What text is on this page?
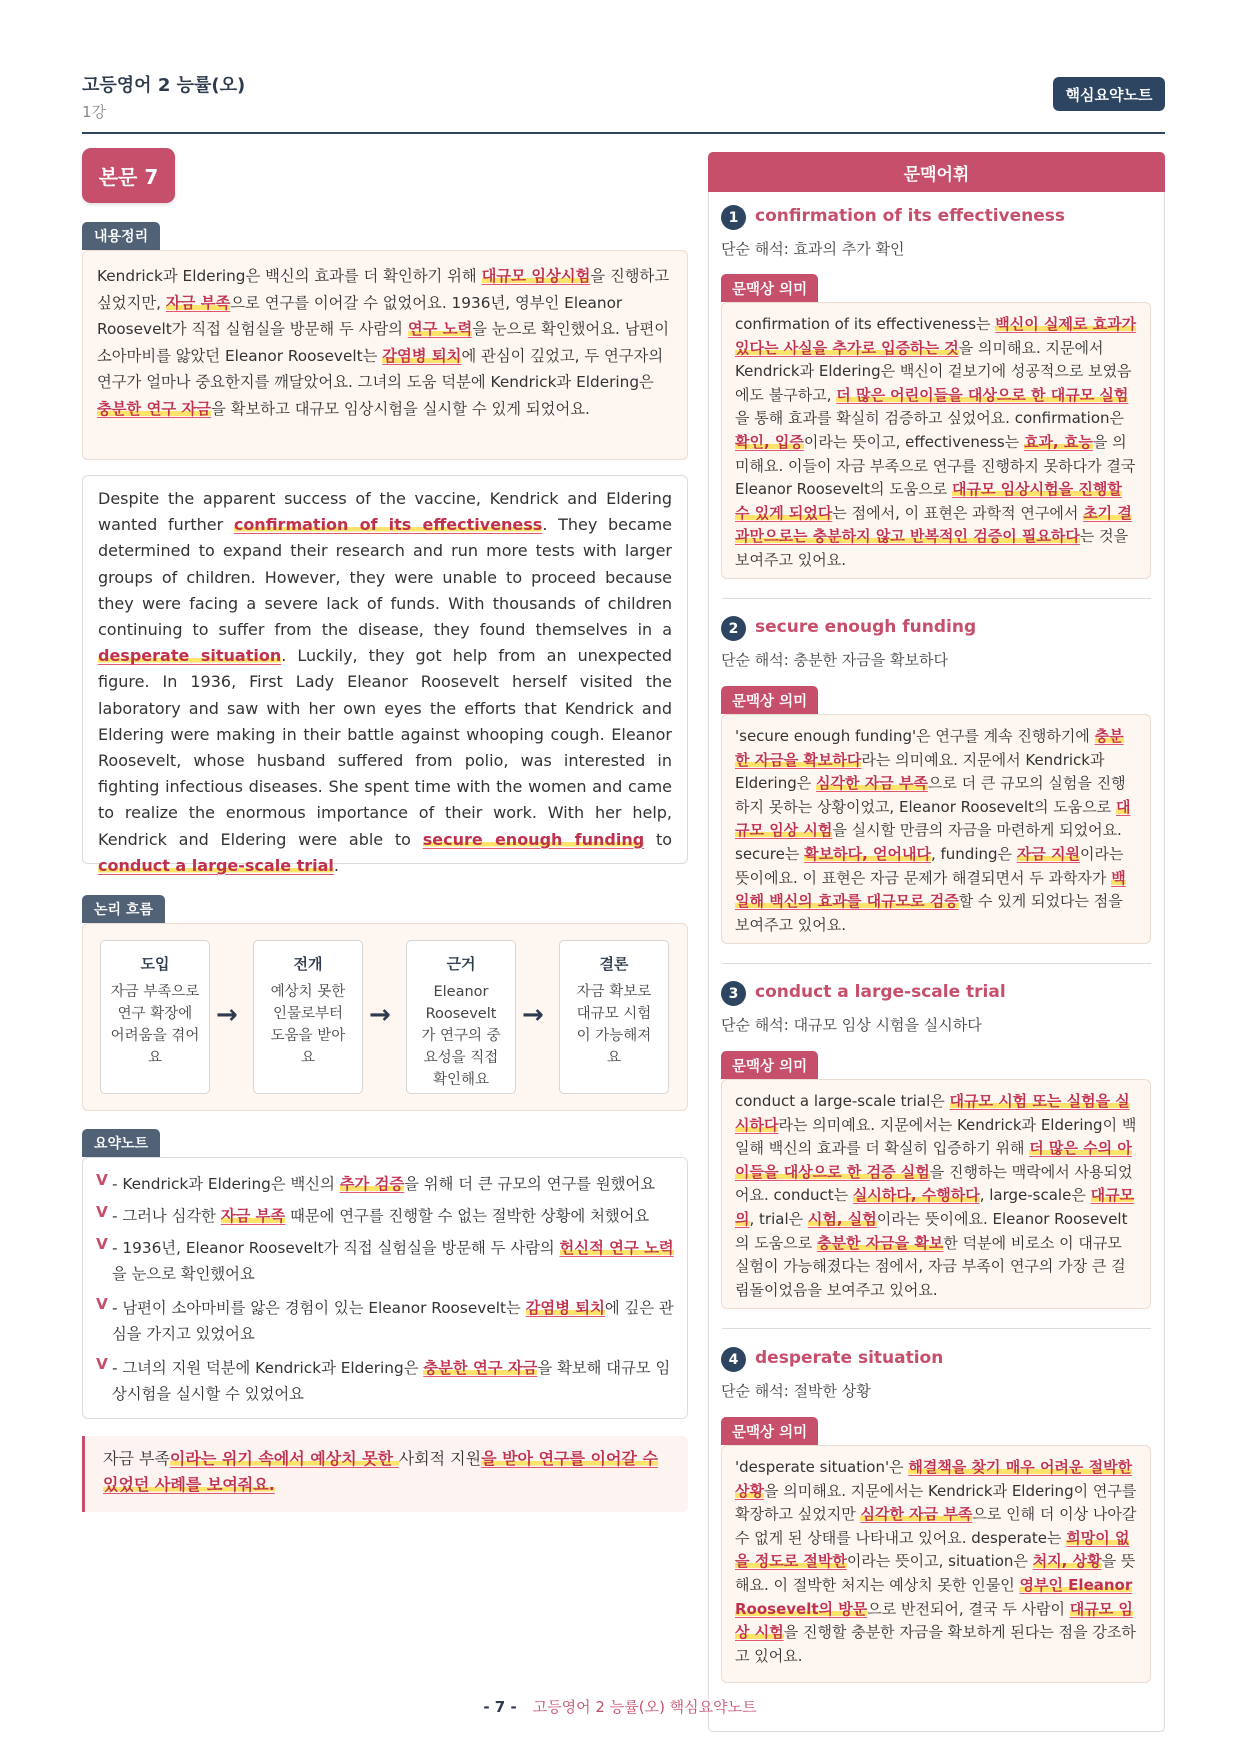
고등영어 2 능률(오)
1강
핵심요약노트
본문 7
내용정리
Kendrick과 Eldering은 백신의 효과를 더 확인하기 위해 대규모 임상시험을 진행하고 싶었지만, 자금 부족으로 연구를 이어갈 수 없었어요. 1936년, 영부인 Eleanor Roosevelt가 직접 실험실을 방문해 두 사람의 연구 노력을 눈으로 확인했어요. 남편이 소아마비를 앓았던 Eleanor Roosevelt는 감염병 퇴치에 관심이 깊었고, 두 연구자의 연구가 얼마나 중요한지를 깨달았어요. 그녀의 도움 덕분에 Kendrick과 Eldering은 충분한 연구 자금을 확보하고 대규모 임상시험을 실시할 수 있게 되었어요.
Despite the apparent success of the vaccine, Kendrick and Eldering wanted further confirmation of its effectiveness. They became determined to expand their research and run more tests with larger groups of children. However, they were unable to proceed because they were facing a severe lack of funds. With thousands of children continuing to suffer from the disease, they found themselves in a desperate situation. Luckily, they got help from an unexpected figure. In 1936, First Lady Eleanor Roosevelt herself visited the laboratory and saw with her own eyes the efforts that Kendrick and Eldering were making in their battle against whooping cough. Eleanor Roosevelt, whose husband suffered from polio, was interested in fighting infectious diseases. She spent time with the women and came to realize the enormous importance of their work. With her help, Kendrick and Eldering were able to secure enough funding to conduct a large-scale trial.
논리 흐름
도입
자금 부족으로 연구 확장에 어려움을 겪어요
→
전개
예상치 못한 인물로부터 도움을 받아요
→
근거
Eleanor Roosevelt가 연구의 중요성을 직접 확인해요
→
결론
자금 확보로 대규모 시험이 가능해져요
요약노트
V - Kendrick과 Eldering은 백신의 추가 검증을 위해 더 큰 규모의 연구를 원했어요
V - 그러나 심각한 자금 부족 때문에 연구를 진행할 수 없는 절박한 상황에 처했어요
V - 1936년, Eleanor Roosevelt가 직접 실험실을 방문해 두 사람의 헌신적 연구 노력을 눈으로 확인했어요
V - 남편이 소아마비를 앓은 경험이 있는 Eleanor Roosevelt는 감염병 퇴치에 깊은 관심을 가지고 있었어요
V - 그녀의 지원 덕분에 Kendrick과 Eldering은 충분한 연구 자금을 확보해 대규모 임상시험을 실시할 수 있었어요
자금 부족이라는 위기 속에서 예상치 못한 사회적 지원을 받아 연구를 이어갈 수 있었던 사례를 보여줘요.
문맥어휘
1 confirmation of its effectiveness
단순 해석: 효과의 추가 확인
문맥상 의미
confirmation of its effectiveness는 백신이 실제로 효과가 있다는 사실을 추가로 입증하는 것을 의미해요. 지문에서 Kendrick과 Eldering은 백신이 겉보기에 성공적으로 보였음에도 불구하고, 더 많은 어린이들을 대상으로 한 대규모 실험을 통해 효과를 확실히 검증하고 싶었어요. confirmation은 확인, 입증이라는 뜻이고, effectiveness는 효과, 효능을 의미해요. 이들이 자금 부족으로 연구를 진행하지 못하다가 결국 Eleanor Roosevelt의 도움으로 대규모 임상시험을 진행할 수 있게 되었다는 점에서, 이 표현은 과학적 연구에서 초기 결과만으로는 충분하지 않고 반복적인 검증이 필요하다는 것을 보여주고 있어요.
2 secure enough funding
단순 해석: 충분한 자금을 확보하다
문맥상 의미
'secure enough funding'은 연구를 계속 진행하기에 충분한 자금을 확보하다라는 의미예요. 지문에서 Kendrick과 Eldering은 심각한 자금 부족으로 더 큰 규모의 실험을 진행하지 못하는 상황이었고, Eleanor Roosevelt의 도움으로 대규모 임상 시험을 실시할 만큼의 자금을 마련하게 되었어요. secure는 확보하다, 얻어내다, funding은 자금 지원이라는 뜻이에요. 이 표현은 자금 문제가 해결되면서 두 과학자가 백일해 백신의 효과를 대규모로 검증할 수 있게 되었다는 점을 보여주고 있어요.
3 conduct a large-scale trial
단순 해석: 대규모 임상 시험을 실시하다
문맥상 의미
conduct a large-scale trial은 대규모 시험 또는 실험을 실시하다라는 의미예요. 지문에서는 Kendrick과 Eldering이 백일해 백신의 효과를 더 확실히 입증하기 위해 더 많은 수의 아이들을 대상으로 한 검증 실험을 진행하는 맥락에서 사용되었어요. conduct는 실시하다, 수행하다, large-scale은 대규모의, trial은 시험, 실험이라는 뜻이에요. Eleanor Roosevelt의 도움으로 충분한 자금을 확보한 덕분에 비로소 이 대규모 실험이 가능해졌다는 점에서, 자금 부족이 연구의 가장 큰 걸림돌이었음을 보여주고 있어요.
4 desperate situation
단순 해석: 절박한 상황
문맥상 의미
'desperate situation'은 해결책을 찾기 매우 어려운 절박한 상황을 의미해요. 지문에서는 Kendrick과 Eldering이 연구를 확장하고 싶었지만 심각한 자금 부족으로 인해 더 이상 나아갈 수 없게 된 상태를 나타내고 있어요. desperate는 희망이 없을 정도로 절박한이라는 뜻이고, situation은 처지, 상황을 뜻해요. 이 절박한 처지는 예상치 못한 인물인 영부인 Eleanor Roosevelt의 방문으로 반전되어, 결국 두 사람이 대규모 임상 시험을 진행할 충분한 자금을 확보하게 된다는 점을 강조하고 있어요.
- 7 - 고등영어 2 능률(오) 핵심요약노트
